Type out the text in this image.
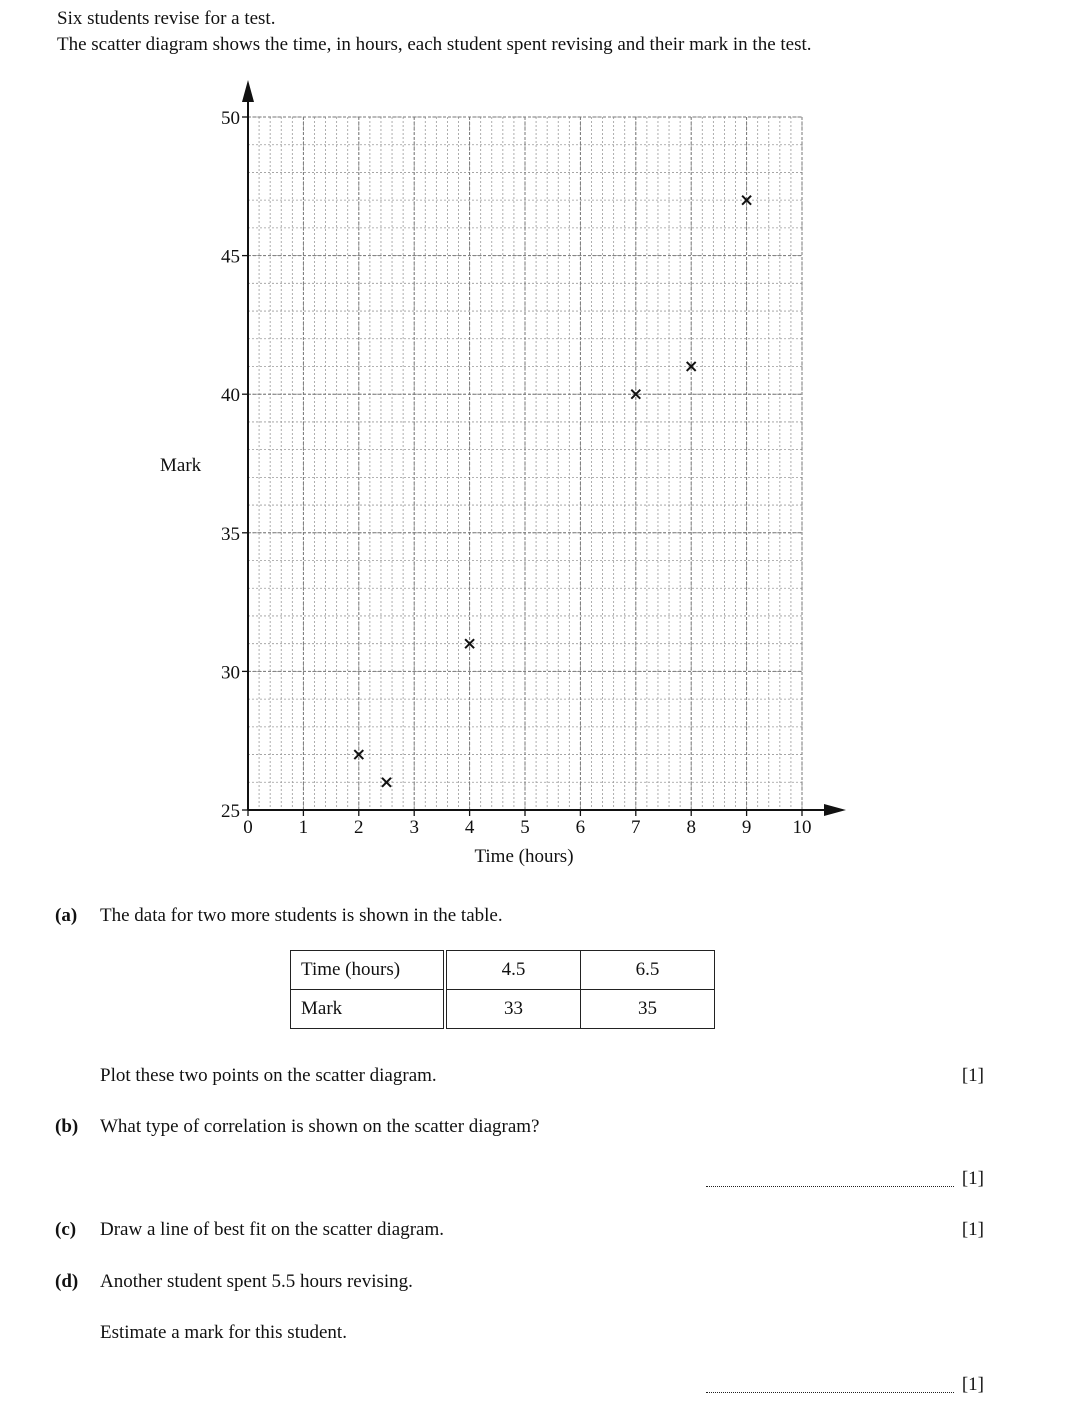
Six students revise for a test.
The scatter diagram shows the time, in hours, each student spent revising and their mark in the test.
0 1 2 3 4 5 6 7 8 9 10
25
30
35
40
45
50
Mark
Time (hours)
(a) The data for two more students is shown in the table.
Time (hours)	4.5	6.5
Mark	33	35
Plot these two points on the scatter diagram.	[1]
(b) What type of correlation is shown on the scatter diagram?
[1]
(c) Draw a line of best fit on the scatter diagram.	[1]
(d) Another student spent 5.5 hours revising.
Estimate a mark for this student.
[1]
